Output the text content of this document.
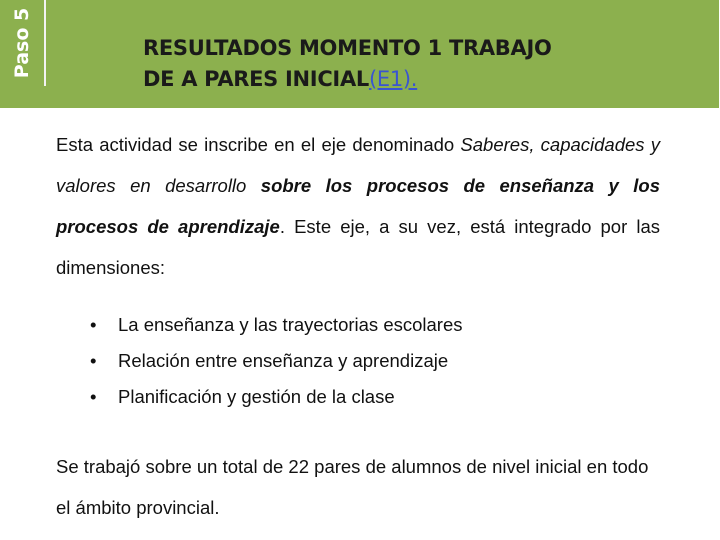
Paso 5	RESULTADOS MOMENTO 1 TRABAJO
DE A PARES INICIAL(E1).

Esta actividad se inscribe en el eje denominado Saberes, capacidades y valores en desarrollo sobre los procesos de enseñanza y los procesos de aprendizaje. Este eje, a su vez, está integrado por las dimensiones:

• La enseñanza y las trayectorias escolares
• Relación entre enseñanza y aprendizaje
• Planificación y gestión de la clase

Se trabajó sobre un total de 22 pares de alumnos de nivel inicial en todo el ámbito provincial.
